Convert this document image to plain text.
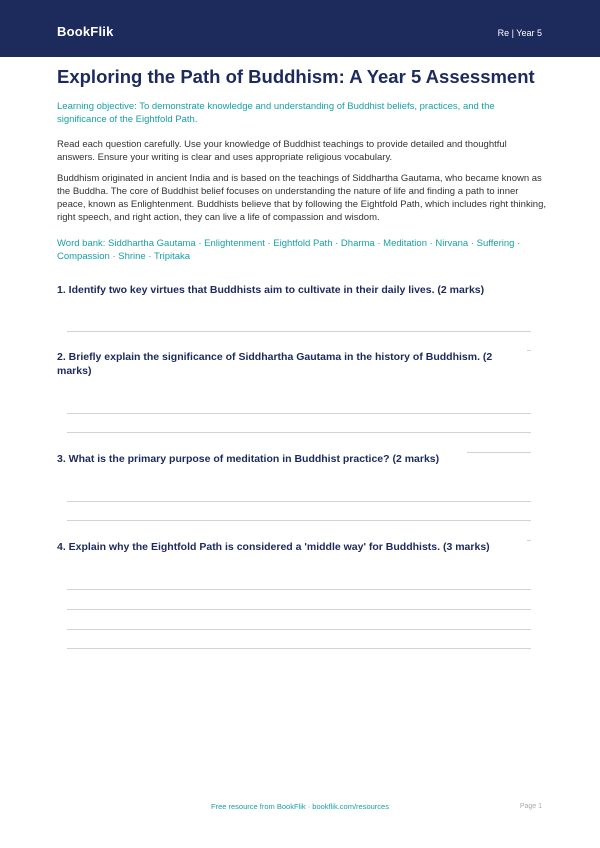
BookFlik	Re | Year 5
Exploring the Path of Buddhism: A Year 5 Assessment

Learning objective: To demonstrate knowledge and understanding of Buddhist beliefs, practices, and the significance of the Eightfold Path.

Read each question carefully. Use your knowledge of Buddhist teachings to provide detailed and thoughtful answers. Ensure your writing is clear and uses appropriate religious vocabulary.

Buddhism originated in ancient India and is based on the teachings of Siddhartha Gautama, who became known as the Buddha. The core of Buddhist belief focuses on understanding the nature of life and finding a path to inner peace, known as Enlightenment. Buddhists believe that by following the Eightfold Path, which includes right thinking, right speech, and right action, they can live a life of compassion and wisdom.

Word bank: Siddhartha Gautama · Enlightenment · Eightfold Path · Dharma · Meditation · Nirvana · Suffering · Compassion · Shrine · Tripitaka

1. Identify two key virtues that Buddhists aim to cultivate in their daily lives. (2 marks)

2. Briefly explain the significance of Siddhartha Gautama in the history of Buddhism. (2 marks)

3. What is the primary purpose of meditation in Buddhist practice? (2 marks)

4. Explain why the Eightfold Path is considered a 'middle way' for Buddhists. (3 marks)

Free resource from BookFlik · bookflik.com/resources	Page 1
